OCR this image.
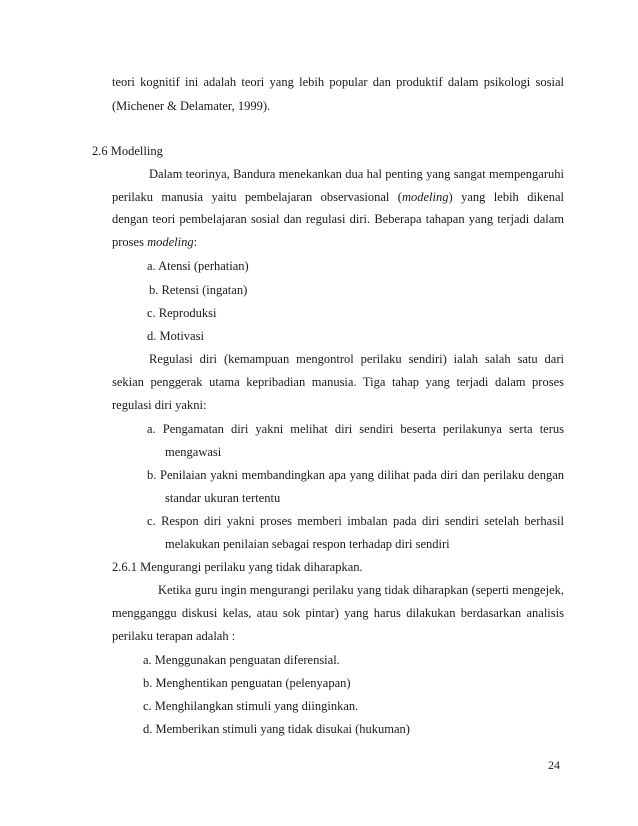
teori kognitif ini adalah teori yang lebih popular dan produktif dalam psikologi sosial
(Michener & Delamater, 1999).
2.6 Modelling
Dalam teorinya, Bandura menekankan dua hal penting yang sangat mempengaruhi
perilaku manusia yaitu pembelajaran observasional (modeling) yang lebih dikenal
dengan teori pembelajaran sosial dan regulasi diri. Beberapa tahapan yang terjadi dalam
proses modeling:
a. Atensi (perhatian)
b. Retensi (ingatan)
c. Reproduksi
d. Motivasi
Regulasi diri (kemampuan mengontrol perilaku sendiri) ialah salah satu dari
sekian penggerak utama kepribadian manusia. Tiga tahap yang terjadi dalam proses
regulasi diri yakni:
a. Pengamatan diri yakni melihat diri sendiri beserta perilakunya serta terus
mengawasi
b. Penilaian yakni membandingkan apa yang dilihat pada diri dan perilaku dengan
standar ukuran tertentu
c. Respon diri yakni proses memberi imbalan pada diri sendiri setelah berhasil
melakukan penilaian sebagai respon terhadap diri sendiri
2.6.1 Mengurangi perilaku yang tidak diharapkan.
Ketika guru ingin mengurangi perilaku yang tidak diharapkan (seperti mengejek,
mengganggu diskusi kelas, atau sok pintar) yang harus dilakukan berdasarkan analisis
perilaku terapan adalah :
a. Menggunakan penguatan diferensial.
b. Menghentikan penguatan (pelenyapan)
c. Menghilangkan stimuli yang diinginkan.
d. Memberikan stimuli yang tidak disukai (hukuman)
24
